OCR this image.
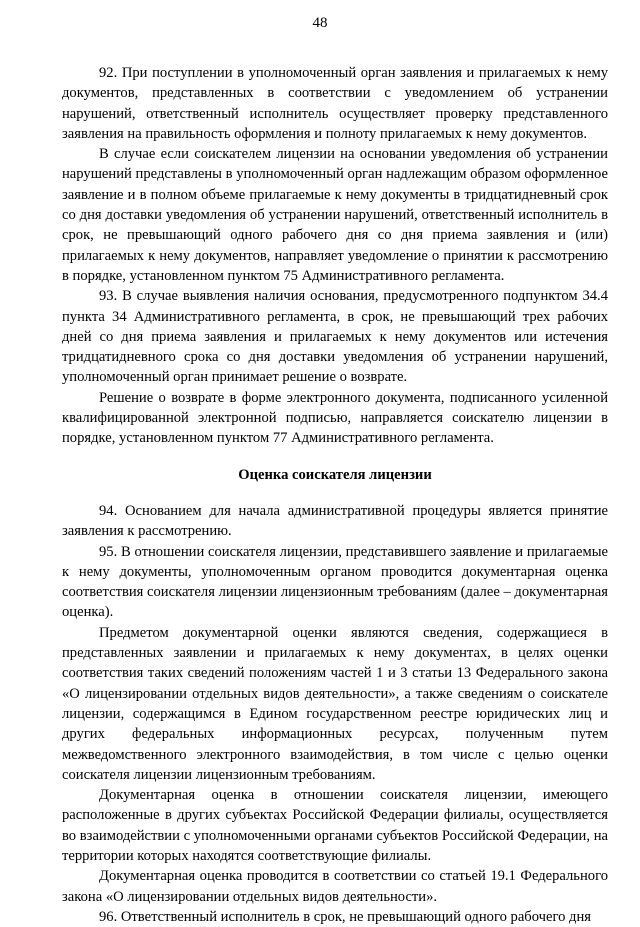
48

92. При поступлении в уполномоченный орган заявления и прилагаемых к нему документов, представленных в соответствии с уведомлением об устранении нарушений, ответственный исполнитель осуществляет проверку представленного заявления на правильность оформления и полноту прилагаемых к нему документов.

В случае если соискателем лицензии на основании уведомления об устранении нарушений представлены в уполномоченный орган надлежащим образом оформленное заявление и в полном объеме прилагаемые к нему документы в тридцатидневный срок со дня доставки уведомления об устранении нарушений, ответственный исполнитель в срок, не превышающий одного рабочего дня со дня приема заявления и (или) прилагаемых к нему документов, направляет уведомление о принятии к рассмотрению в порядке, установленном пунктом 75 Административного регламента.

93. В случае выявления наличия основания, предусмотренного подпунктом 34.4 пункта 34 Административного регламента, в срок, не превышающий трех рабочих дней со дня приема заявления и прилагаемых к нему документов или истечения тридцатидневного срока со дня доставки уведомления об устранении нарушений, уполномоченный орган принимает решение о возврате.

Решение о возврате в форме электронного документа, подписанного усиленной квалифицированной электронной подписью, направляется соискателю лицензии в порядке, установленном пунктом 77 Административного регламента.

Оценка соискателя лицензии

94. Основанием для начала административной процедуры является принятие заявления к рассмотрению.

95. В отношении соискателя лицензии, представившего заявление и прилагаемые к нему документы, уполномоченным органом проводится документарная оценка соответствия соискателя лицензии лицензионным требованиям (далее – документарная оценка).

Предметом документарной оценки являются сведения, содержащиеся в представленных заявлении и прилагаемых к нему документах, в целях оценки соответствия таких сведений положениям частей 1 и 3 статьи 13 Федерального закона «О лицензировании отдельных видов деятельности», а также сведениям о соискателе лицензии, содержащимся в Едином государственном реестре юридических лиц и других федеральных информационных ресурсах, полученным путем межведомственного электронного взаимодействия, в том числе с целью оценки соискателя лицензии лицензионным требованиям.

Документарная оценка в отношении соискателя лицензии, имеющего расположенные в других субъектах Российской Федерации филиалы, осуществляется во взаимодействии с уполномоченными органами субъектов Российской Федерации, на территории которых находятся соответствующие филиалы.

Документарная оценка проводится в соответствии со статьей 19.1 Федерального закона «О лицензировании отдельных видов деятельности».

96. Ответственный исполнитель в срок, не превышающий одного рабочего дня
